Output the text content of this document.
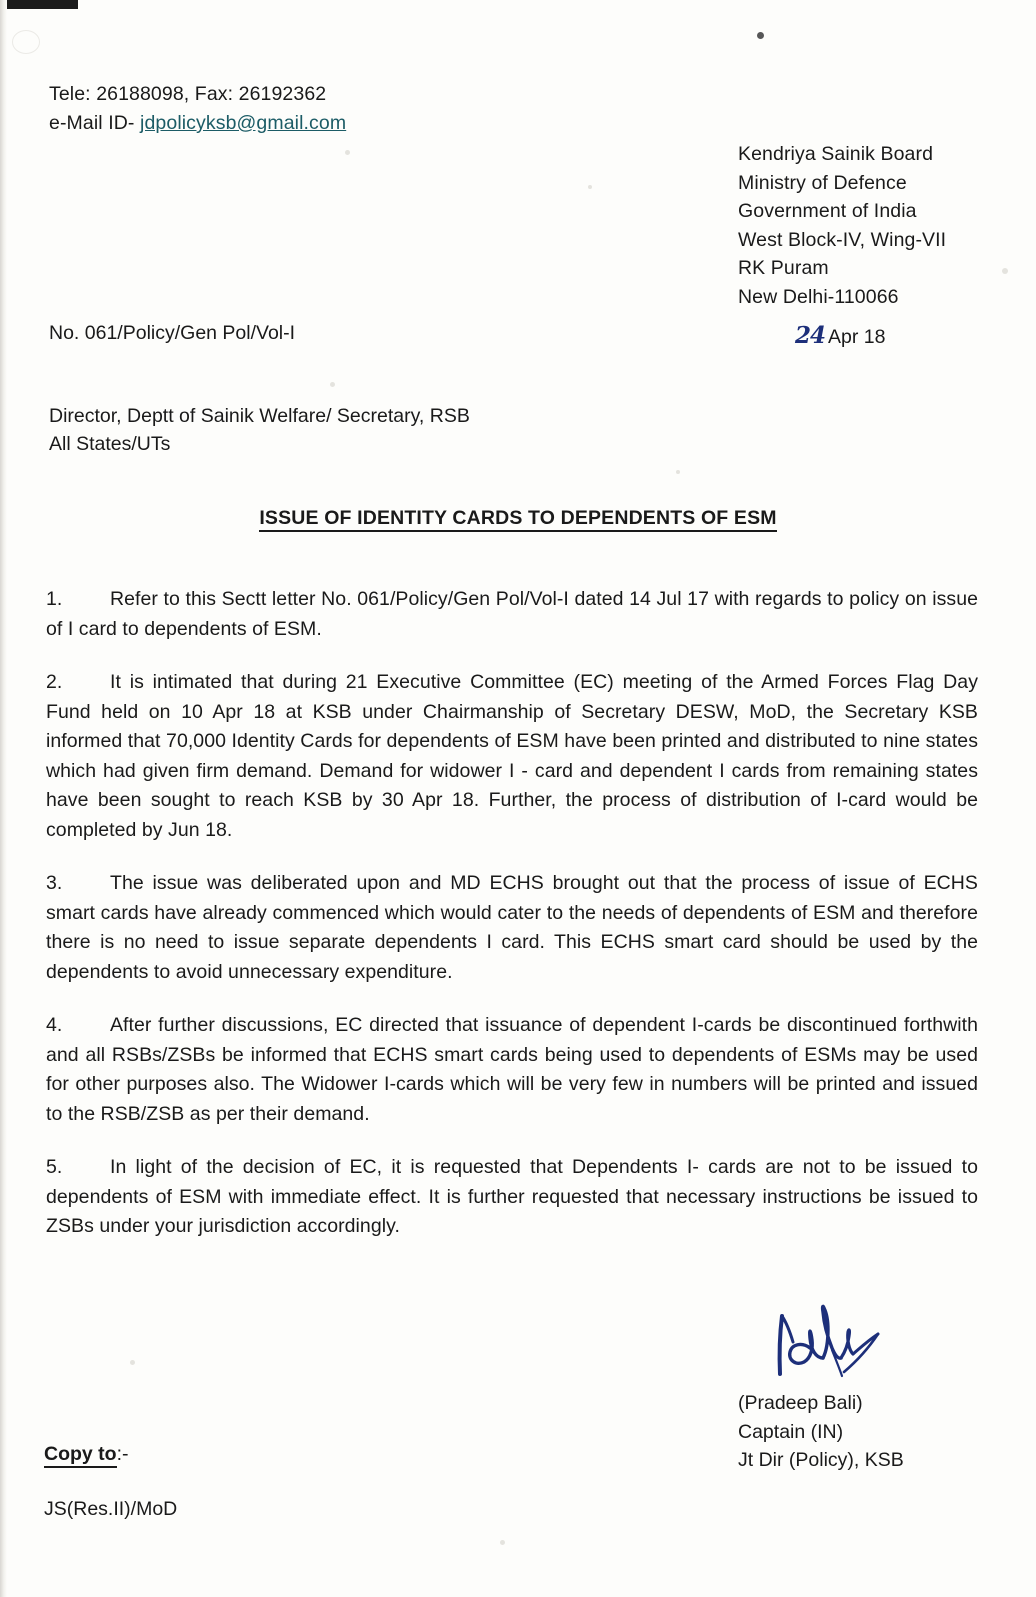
Tele: 26188098, Fax: 26192362
e-Mail ID- jdpolicyksb@gmail.com
Kendriya Sainik Board
Ministry of Defence
Government of India
West Block-IV, Wing-VII
RK Puram
New Delhi-110066
No. 061/Policy/Gen Pol/Vol-I	24 Apr 18
Director, Deptt of Sainik Welfare/ Secretary, RSB
All States/UTs
ISSUE OF IDENTITY CARDS TO DEPENDENTS OF ESM

1. Refer to this Sectt letter No. 061/Policy/Gen Pol/Vol-I dated 14 Jul 17 with regards to policy on issue of I card to dependents of ESM.

2. It is intimated that during 21 Executive Committee (EC) meeting of the Armed Forces Flag Day Fund held on 10 Apr 18 at KSB under Chairmanship of Secretary DESW, MoD, the Secretary KSB informed that 70,000 Identity Cards for dependents of ESM have been printed and distributed to nine states which had given firm demand. Demand for widower I - card and dependent I cards from remaining states have been sought to reach KSB by 30 Apr 18. Further, the process of distribution of I-card would be completed by Jun 18.

3. The issue was deliberated upon and MD ECHS brought out that the process of issue of ECHS smart cards have already commenced which would cater to the needs of dependents of ESM and therefore there is no need to issue separate dependents I card. This ECHS smart card should be used by the dependents to avoid unnecessary expenditure.

4. After further discussions, EC directed that issuance of dependent I-cards be discontinued forthwith and all RSBs/ZSBs be informed that ECHS smart cards being used to dependents of ESMs may be used for other purposes also. The Widower I-cards which will be very few in numbers will be printed and issued to the RSB/ZSB as per their demand.

5. In light of the decision of EC, it is requested that Dependents I- cards are not to be issued to dependents of ESM with immediate effect. It is further requested that necessary instructions be issued to ZSBs under your jurisdiction accordingly.

(Pradeep Bali)
Captain (IN)
Jt Dir (Policy), KSB
Copy to:-
JS(Res.II)/MoD
